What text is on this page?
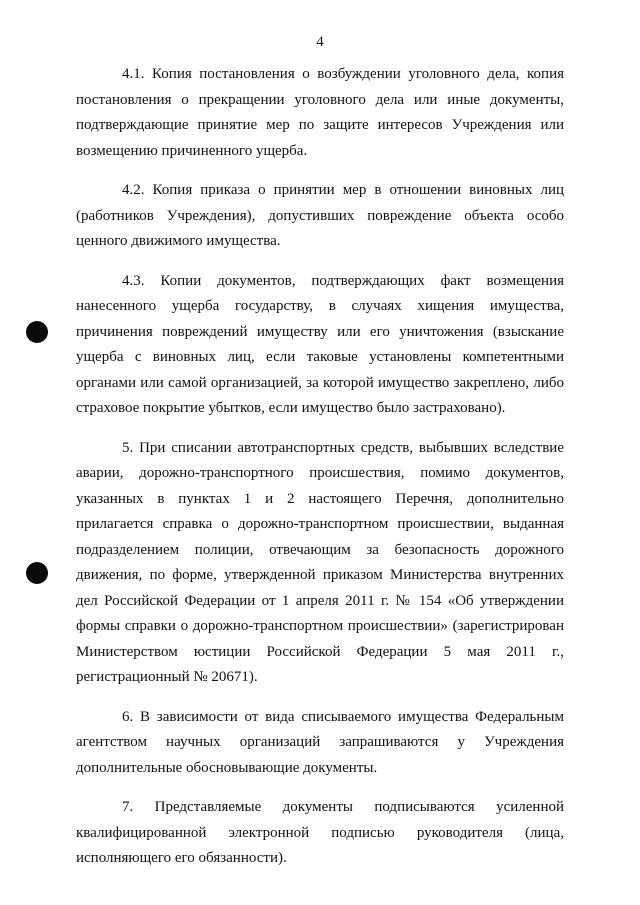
4

4.1. Копия постановления о возбуждении уголовного дела, копия постановления о прекращении уголовного дела или иные документы, подтверждающие принятие мер по защите интересов Учреждения или возмещению причиненного ущерба.

4.2. Копия приказа о принятии мер в отношении виновных лиц (работников Учреждения), допустивших повреждение объекта особо ценного движимого имущества.

4.3. Копии документов, подтверждающих факт возмещения нанесенного ущерба государству, в случаях хищения имущества, причинения повреждений имуществу или его уничтожения (взыскание ущерба с виновных лиц, если таковые установлены компетентными органами или самой организацией, за которой имущество закреплено, либо страховое покрытие убытков, если имущество было застраховано).

5. При списании автотранспортных средств, выбывших вследствие аварии, дорожно-транспортного происшествия, помимо документов, указанных в пунктах 1 и 2 настоящего Перечня, дополнительно прилагается справка о дорожно-транспортном происшествии, выданная подразделением полиции, отвечающим за безопасность дорожного движения, по форме, утвержденной приказом Министерства внутренних дел Российской Федерации от 1 апреля 2011 г. № 154 «Об утверждении формы справки о дорожно-транспортном происшествии» (зарегистрирован Министерством юстиции Российской Федерации 5 мая 2011 г., регистрационный № 20671).

6. В зависимости от вида списываемого имущества Федеральным агентством научных организаций запрашиваются у Учреждения дополнительные обосновывающие документы.

7. Представляемые документы подписываются усиленной квалифицированной электронной подписью руководителя (лица, исполняющего его обязанности).
